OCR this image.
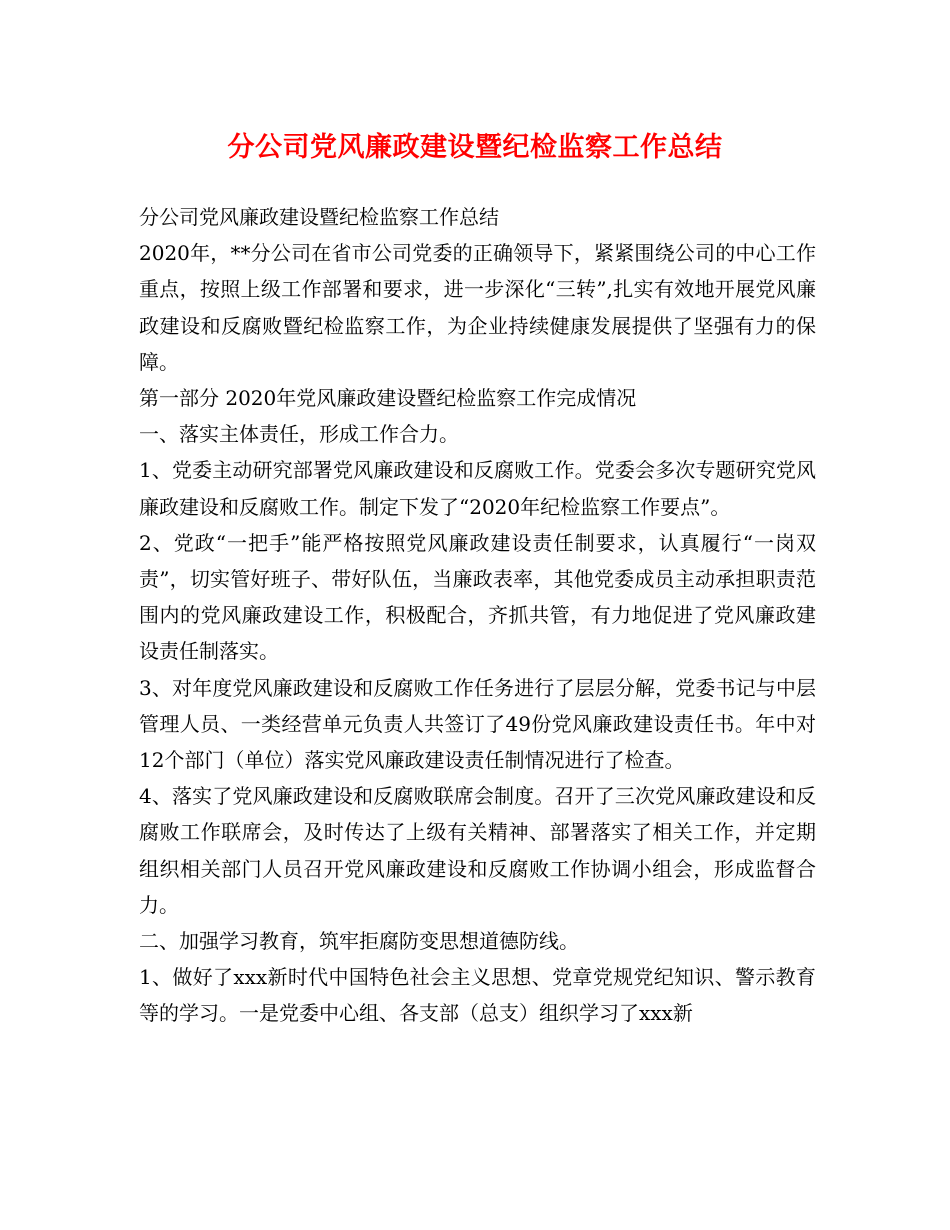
分公司党风廉政建设暨纪检监察工作总结

分公司党风廉政建设暨纪检监察工作总结

2020年，**分公司在省市公司党委的正确领导下，紧紧围绕公司的中心工作重点，按照上级工作部署和要求，进一步深化“三转”,扎实有效地开展党风廉政建设和反腐败暨纪检监察工作，为企业持续健康发展提供了坚强有力的保障。

第一部分 2020年党风廉政建设暨纪检监察工作完成情况

一、落实主体责任，形成工作合力。

1、党委主动研究部署党风廉政建设和反腐败工作。党委会多次专题研究党风廉政建设和反腐败工作。制定下发了“2020年纪检监察工作要点”。

2、党政“一把手”能严格按照党风廉政建设责任制要求，认真履行“一岗双责”，切实管好班子、带好队伍，当廉政表率，其他党委成员主动承担职责范围内的党风廉政建设工作，积极配合，齐抓共管，有力地促进了党风廉政建设责任制落实。

3、对年度党风廉政建设和反腐败工作任务进行了层层分解，党委书记与中层管理人员、一类经营单元负责人共签订了49份党风廉政建设责任书。年中对12个部门（单位）落实党风廉政建设责任制情况进行了检查。

4、落实了党风廉政建设和反腐败联席会制度。召开了三次党风廉政建设和反腐败工作联席会，及时传达了上级有关精神、部署落实了相关工作，并定期组织相关部门人员召开党风廉政建设和反腐败工作协调小组会，形成监督合力。

二、加强学习教育，筑牢拒腐防变思想道德防线。

1、做好了xxx新时代中国特色社会主义思想、党章党规党纪知识、警示教育等的学习。一是党委中心组、各支部（总支）组织学习了xxx新
